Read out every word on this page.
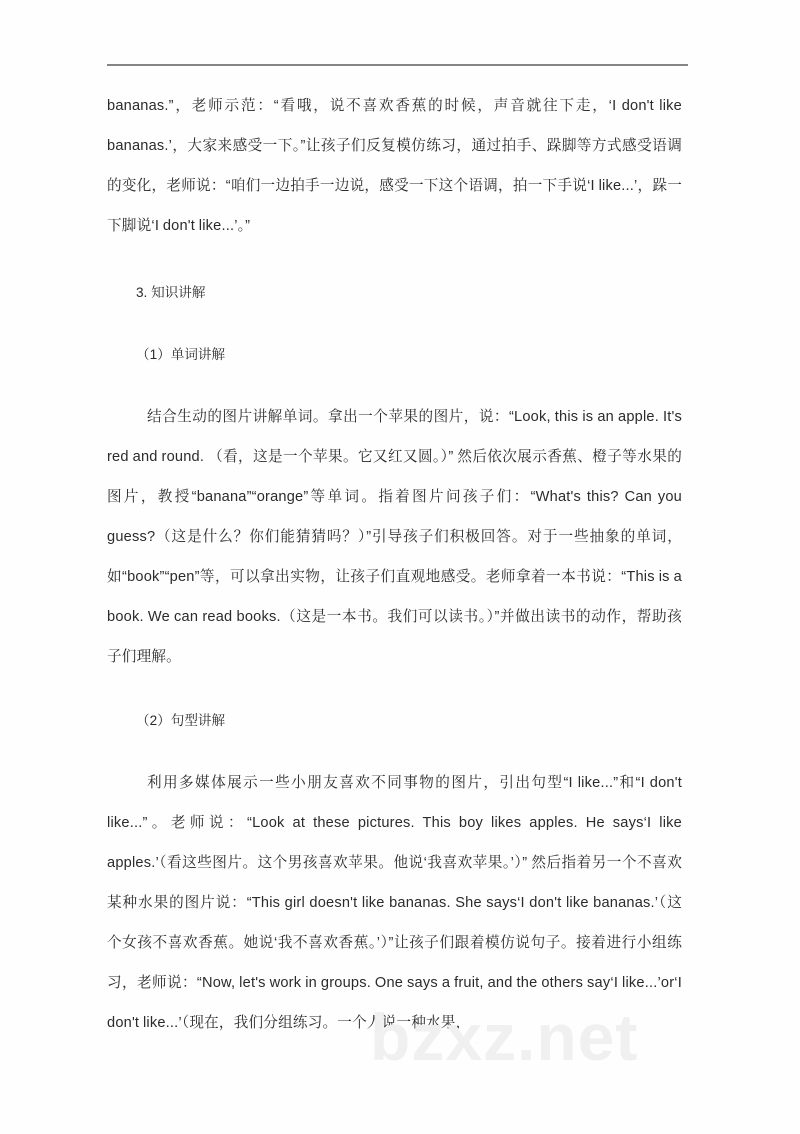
bananas.”，老师示范：“看哦，说不喜欢香蕉的时候，声音就往下走，‘I don't like bananas.’，大家来感受一下。”让孩子们反复模仿练习，通过拍手、跺脚等方式感受语调的变化，老师说：“咱们一边拍手一边说，感受一下这个语调，拍一下手说‘I like...’，跺一下脚说‘I don't like...’。”

3. 知识讲解

（1）单词讲解

结合生动的图片讲解单词。拿出一个苹果的图片，说：“Look, this is an apple. It's red and round. （看，这是一个苹果。它又红又圆。）” 然后依次展示香蕉、橙子等水果的图片，教授“banana”“orange”等单词。指着图片问孩子们：“What's this? Can you guess?（这是什么？你们能猜猜吗？）”引导孩子们积极回答。对于一些抽象的单词，如“book”“pen”等，可以拿出实物，让孩子们直观地感受。老师拿着一本书说：“This is a book. We can read books.（这是一本书。我们可以读书。）”并做出读书的动作，帮助孩子们理解。

（2）句型讲解

利用多媒体展示一些小朋友喜欢不同事物的图片，引出句型“I like...”和“I don't like...”。老师说：“Look at these pictures. This boy likes apples. He says‘I like apples.’（看这些图片。这个男孩喜欢苹果。他说‘我喜欢苹果。’）” 然后指着另一个不喜欢某种水果的图片说：“This girl doesn't like bananas. She says‘I don't like bananas.’（这个女孩不喜欢香蕉。她说‘我不喜欢香蕉。’）”让孩子们跟着模仿说句子。接着进行小组练习，老师说：“Now, let's work in groups. One says a fruit, and the others say‘I like...’or‘I don't like...’（现在，我们分组练习。一个人说一种水果，

bzxz.net
